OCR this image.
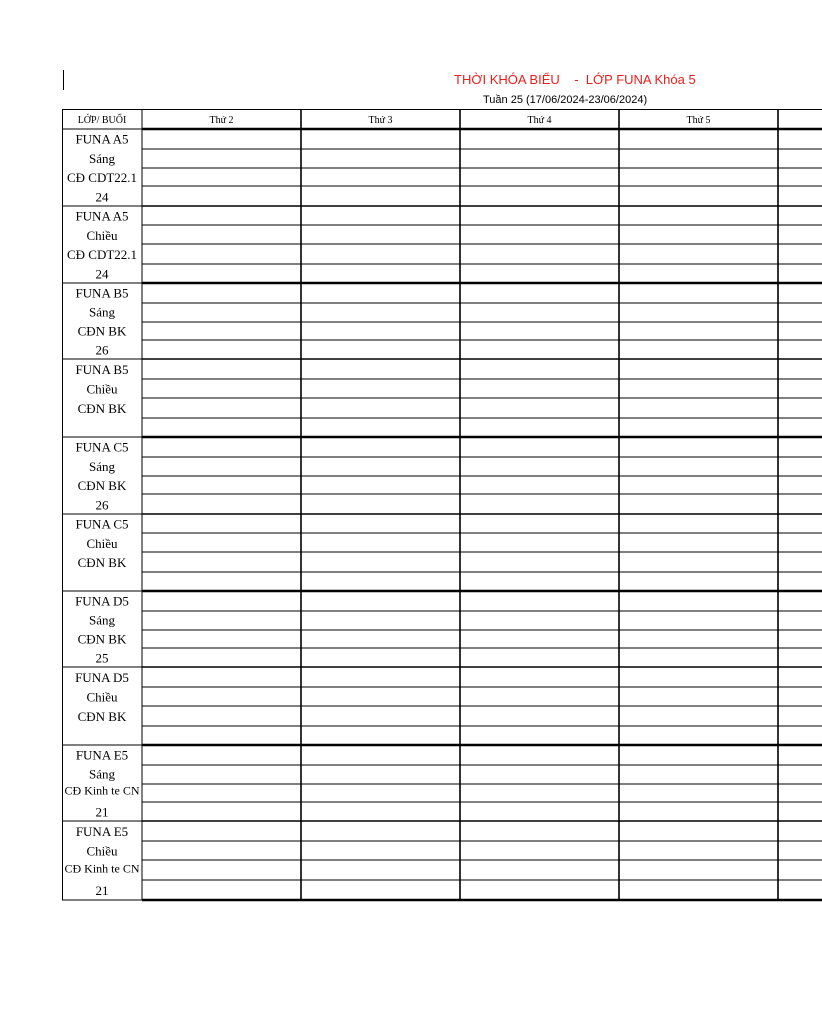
THỜI KHÓA BIỂU    -  LỚP FUNA Khóa 5
Tuần 25 (17/06/2024-23/06/2024)
LỚP/ BUỔI	Thứ 2	Thứ 3	Thứ 4	Thứ 5
FUNA A5
Sáng
CĐ CDT22.1
24
FUNA A5
Chiều
CĐ CDT22.1
24
FUNA B5
Sáng
CĐN BK
26
FUNA B5
Chiều
CĐN BK
FUNA C5
Sáng
CĐN BK
26
FUNA C5
Chiều
CĐN BK
FUNA D5
Sáng
CĐN BK
25
FUNA D5
Chiều
CĐN BK
FUNA E5
Sáng
CĐ Kinh te CN
21
FUNA E5
Chiều
CĐ Kinh te CN
21
